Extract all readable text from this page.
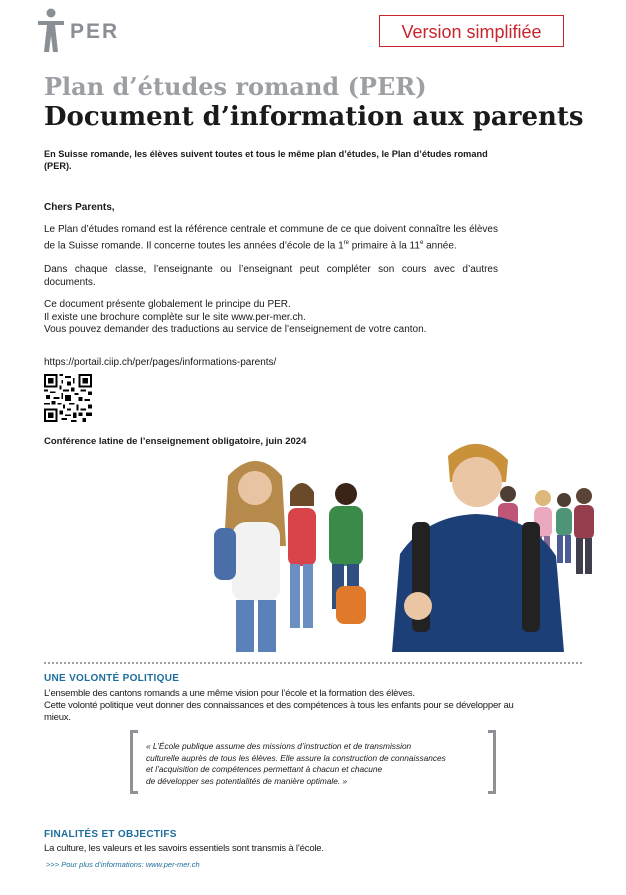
PER	Version simplifiée
Plan d’études romand (PER)
Document d’information aux parents
En Suisse romande, les élèves suivent toutes et tous le même plan d’études, le Plan d’études romand (PER).
Chers Parents,
Le Plan d’études romand est la référence centrale et commune de ce que doivent connaître les élèves de la Suisse romande. Il concerne toutes les années d’école de la 1re primaire à la 11e année.
Dans chaque classe, l’enseignante ou l’enseignant peut compléter son cours avec d’autres documents.
Ce document présente globalement le principe du PER.
Il existe une brochure complète sur le site www.per-mer.ch.
Vous pouvez demander des traductions au service de l’enseignement de votre canton.
https://portail.ciip.ch/per/pages/informations-parents/
Conférence latine de l’enseignement obligatoire, juin 2024
UNE VOLONTÉ POLITIQUE
L’ensemble des cantons romands a une même vision pour l’école et la formation des élèves.
Cette volonté politique veut donner des connaissances et des compétences à tous les enfants pour se développer au mieux.
« L’École publique assume des missions d’instruction et de transmission
culturelle auprès de tous les élèves. Elle assure la construction de connaissances
et l’acquisition de compétences permettant à chacun et chacune
de développer ses potentialités de manière optimale. »
FINALITÉS ET OBJECTIFS
La culture, les valeurs et les savoirs essentiels sont transmis à l’école.
>>> Pour plus d’informations: www.per-mer.ch
